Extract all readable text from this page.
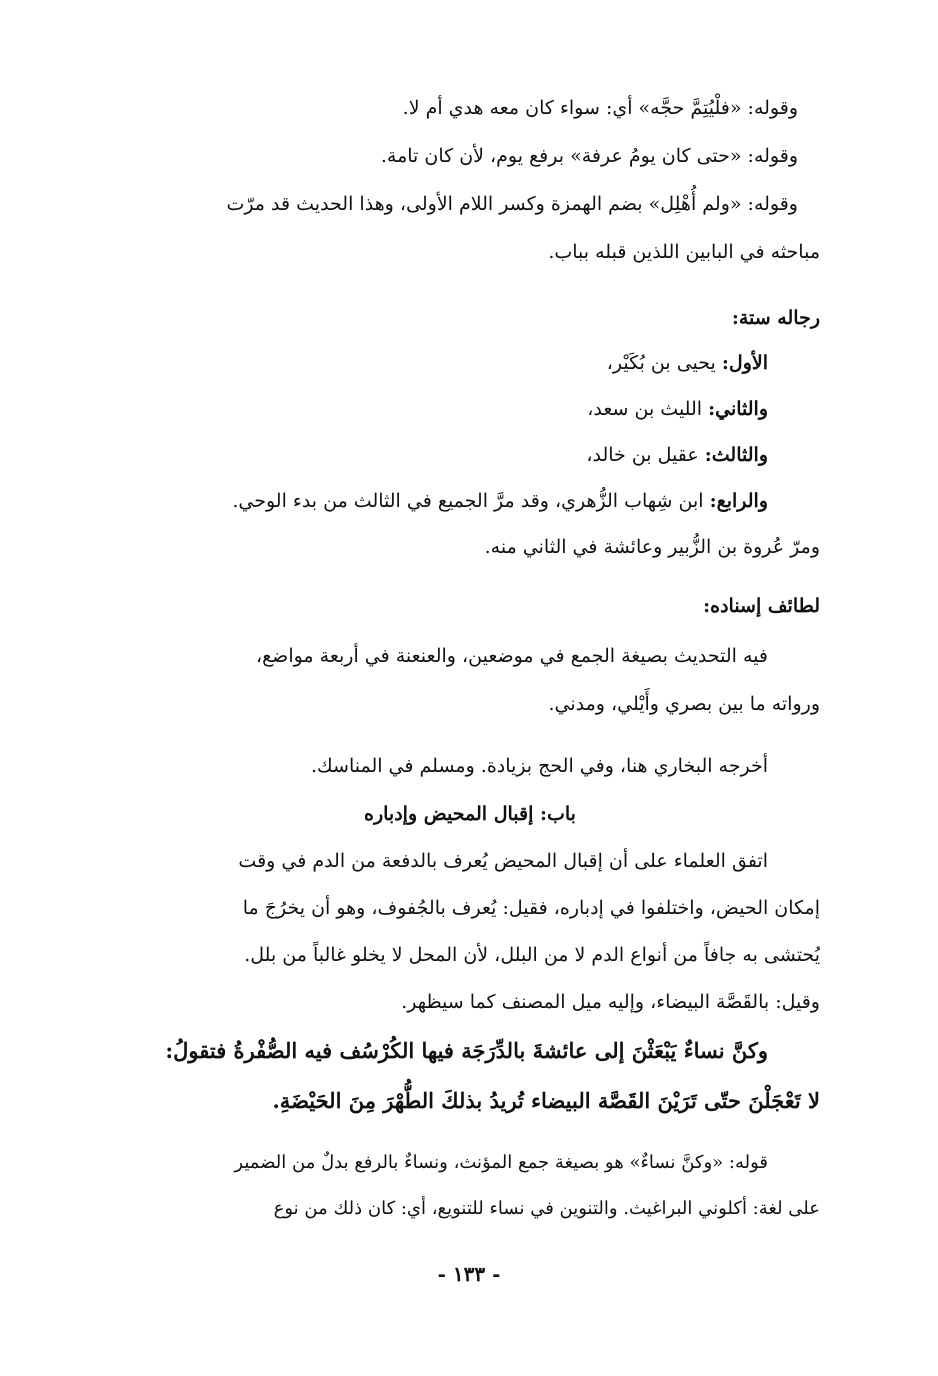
وقوله: «فلْيُتِمَّ حجَّه» أي: سواء كان معه هدي أم لا.
وقوله: «حتى كان يومُ عرفة» برفع يوم، لأن كان تامة.
وقوله: «ولم أُهْلِل» بضم الهمزة وكسر اللام الأولى، وهذا الحديث قد مرّت
مباحثه في البابين اللذين قبله بباب.
رجاله ستة:
الأول: يحيى بن بُكَيْر،
والثاني: الليث بن سعد،
والثالث: عقيل بن خالد،
والرابع: ابن شِهاب الزُّهري، وقد مرَّ الجميع في الثالث من بدء الوحي.
ومرّ عُروة بن الزُّبير وعائشة في الثاني منه.
لطائف إسناده:
فيه التحديث بصيغة الجمع في موضعين، والعنعنة في أربعة مواضع،
ورواته ما بين بصري وأَيْلي، ومدني.
أخرجه البخاري هنا، وفي الحج بزيادة. ومسلم في المناسك.
باب: إقبال المحيض وإدباره
اتفق العلماء على أن إقبال المحيض يُعرف بالدفعة من الدم في وقت
إمكان الحيض، واختلفوا في إدباره، فقيل: يُعرف بالجُفوف، وهو أن يخرُجَ ما
يُحتشى به جافاً من أنواع الدم لا من البلل، لأن المحل لا يخلو غالباً من بلل.
وقيل: بالقَصَّة البيضاء، وإليه ميل المصنف كما سيظهر.
وكنَّ نساءٌ يَبْعَثْنَ إلى عائشةَ بالدِّرَجَة فيها الكُرْسُف فيه الصُّفْرةُ فتقولُ:
لا تَعْجَلْنَ حتّى تَرَيْنَ القَصَّة البيضاء تُريدُ بذلكَ الطُّهْرَ مِنَ الحَيْضَةِ.
قوله: «وكنَّ نساءٌ» هو بصيغة جمع المؤنث، ونساءٌ بالرفع بدلٌ من الضمير
على لغة: أكلوني البراغيث. والتنوين في نساء للتنويع، أي: كان ذلك من نوع
- ١٣٣ -
